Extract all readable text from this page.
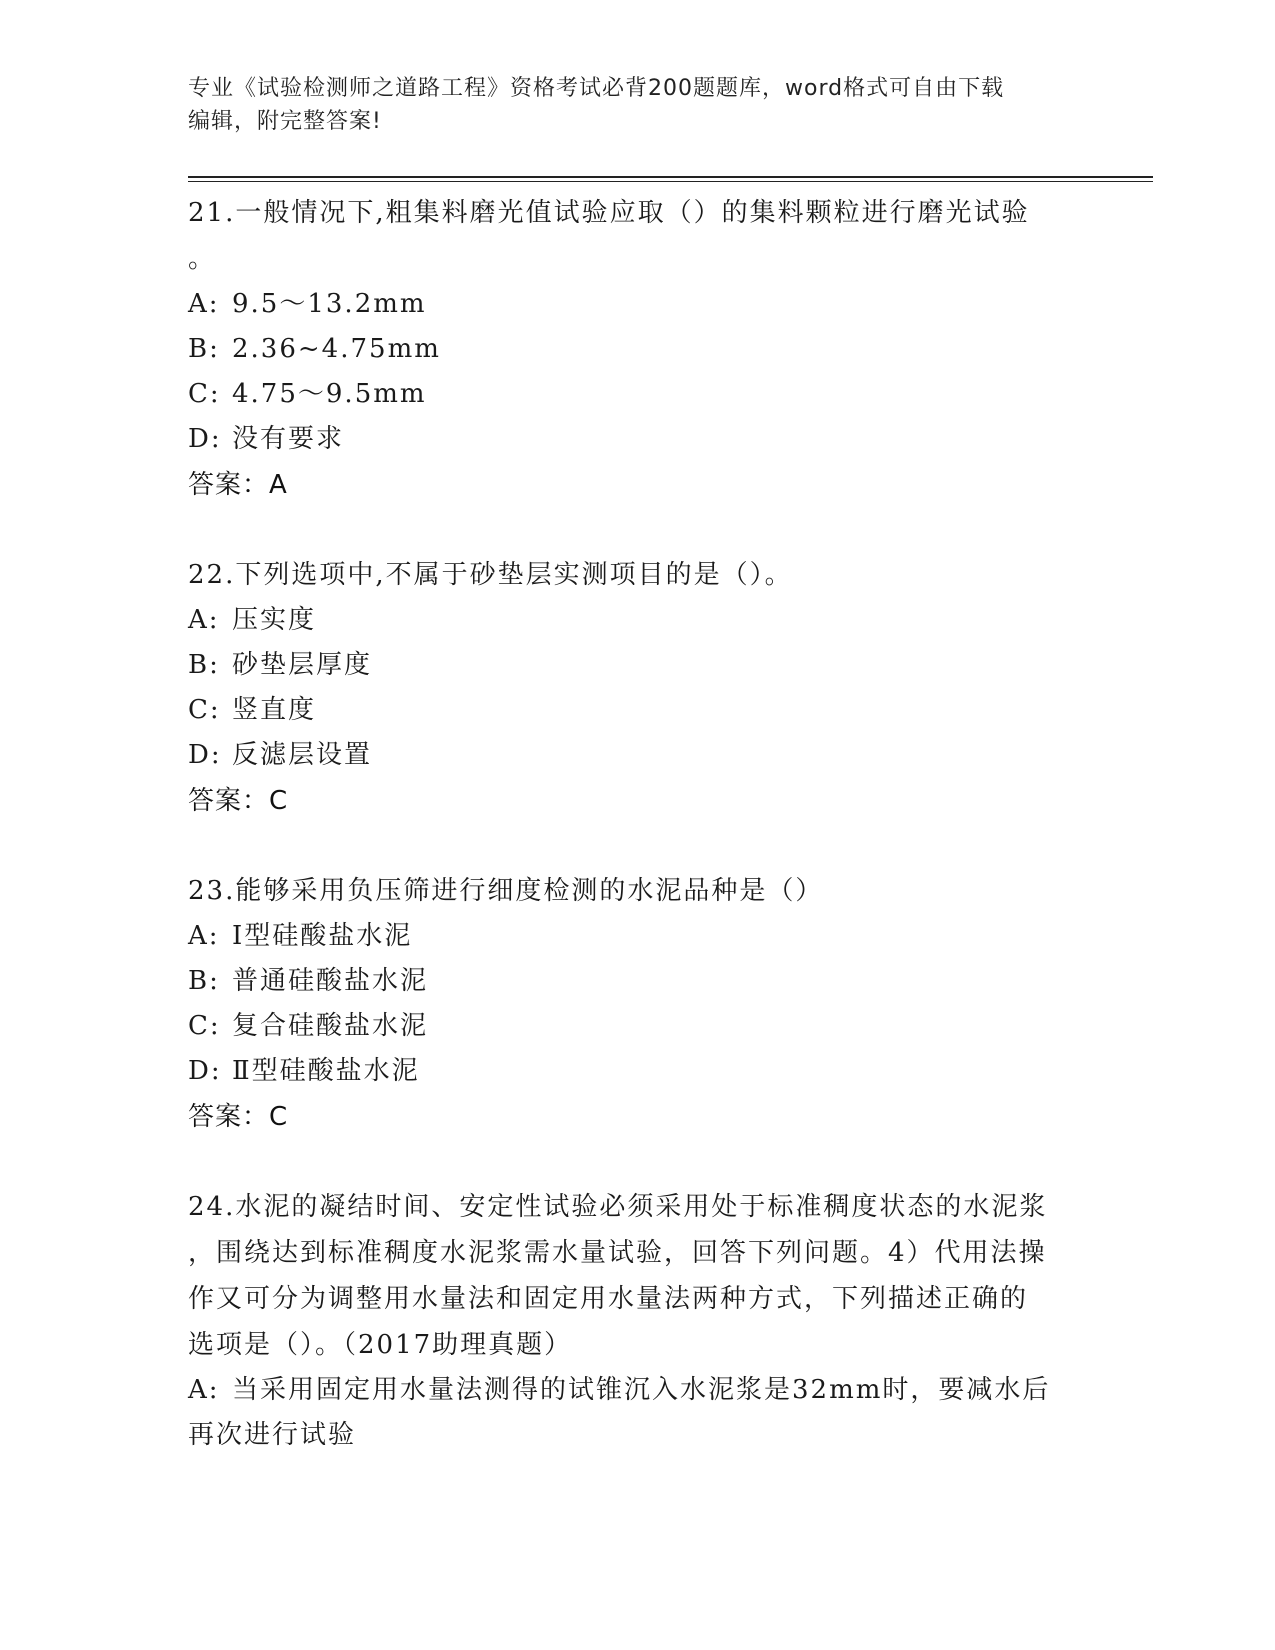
专业《试验检测师之道路工程》资格考试必背200题题库，word格式可自由下载
编辑，附完整答案!
21.一般情况下,粗集料磨光值试验应取（）的集料颗粒进行磨光试验
。
A: 9.5～13.2mm
B: 2.36~4.75mm
C: 4.75～9.5mm
D: 没有要求
答案：A
22.下列选项中,不属于砂垫层实测项目的是（）。
A: 压实度
B: 砂垫层厚度
C: 竖直度
D: 反滤层设置
答案：C
23.能够采用负压筛进行细度检测的水泥品种是（）
A: Ⅰ型硅酸盐水泥
B: 普通硅酸盐水泥
C: 复合硅酸盐水泥
D: Ⅱ型硅酸盐水泥
答案：C
24.水泥的凝结时间、安定性试验必须采用处于标准稠度状态的水泥浆
，围绕达到标准稠度水泥浆需水量试验，回答下列问题。4）代用法操
作又可分为调整用水量法和固定用水量法两种方式，下列描述正确的
选项是（）。（2017助理真题）
A: 当采用固定用水量法测得的试锥沉入水泥浆是32mm时，要减水后
再次进行试验
